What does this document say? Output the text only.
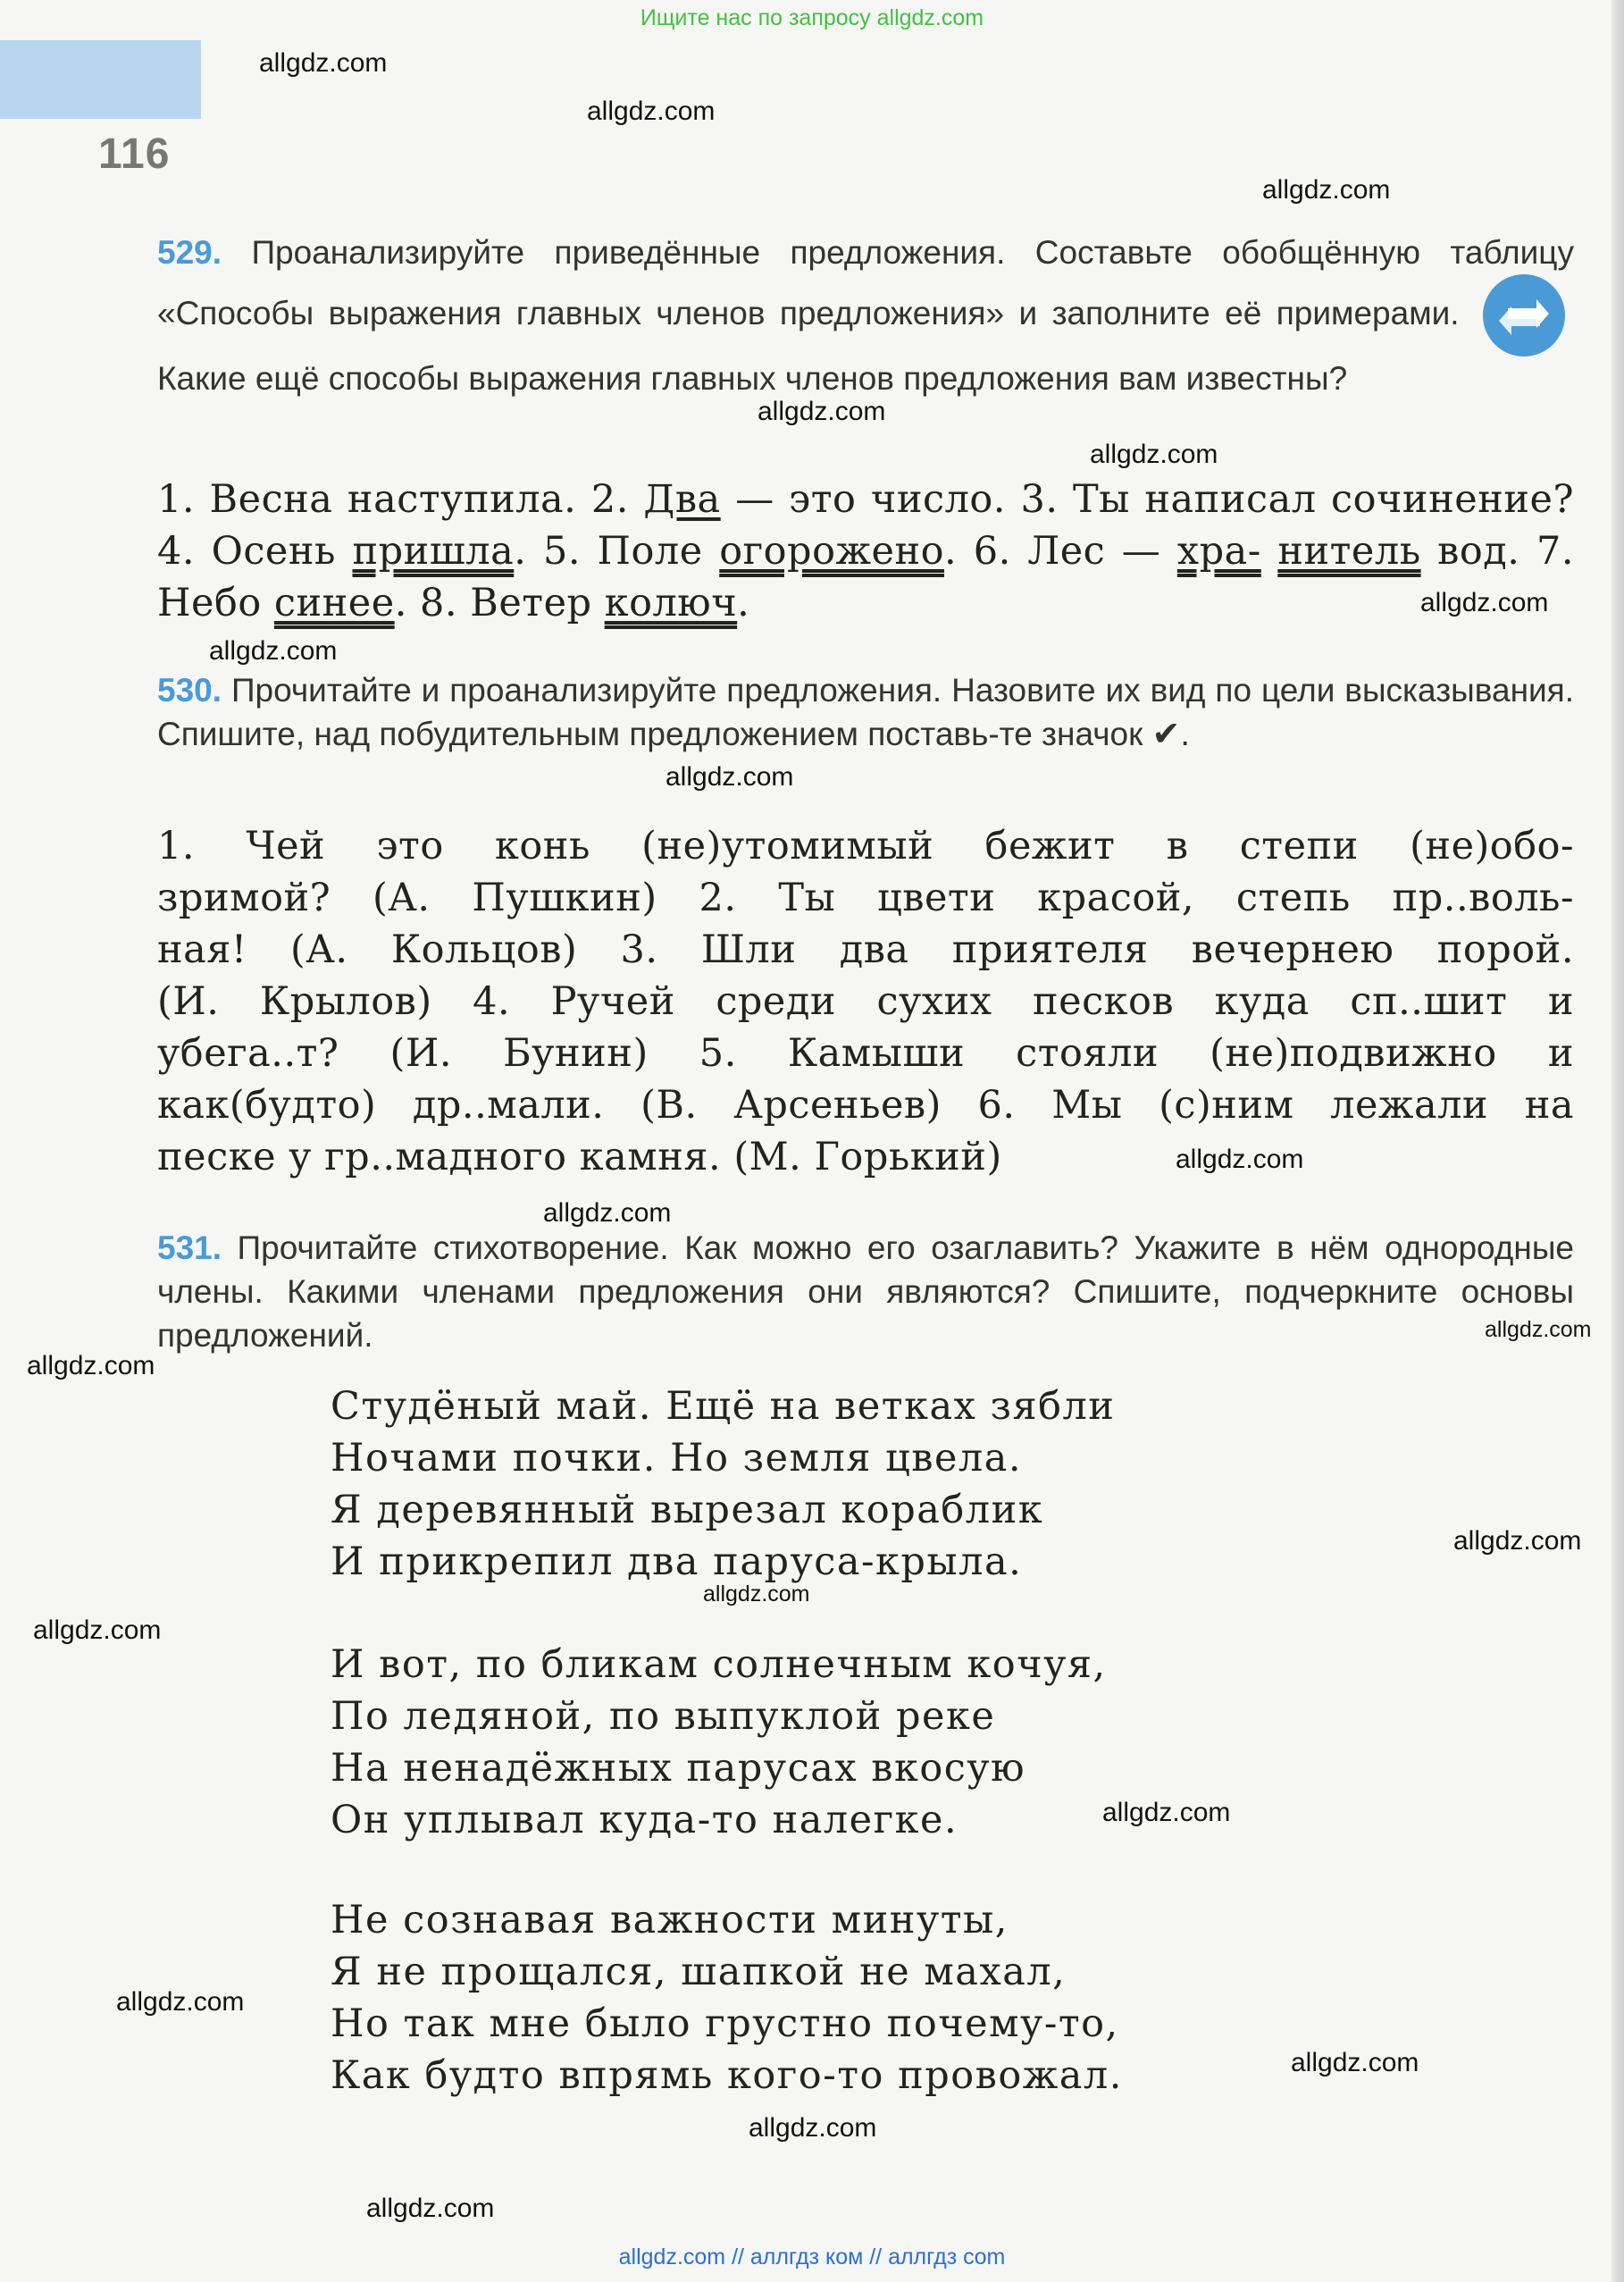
Ищите нас по запросу allgdz.com
116
allgdz.com
allgdz.com
allgdz.com
allgdz.com
allgdz.com
allgdz.com
allgdz.com
allgdz.com
allgdz.com
allgdz.com
allgdz.com
allgdz.com
allgdz.com
allgdz.com
allgdz.com
allgdz.com
allgdz.com
allgdz.com
allgdz.com
allgdz.com
529. Проанализируйте приведённые предложения. Составьте обобщённую таблицу «Способы выражения главных членов предложения» и заполните её примерами.  Какие ещё способы выражения главных членов предложения вам известны?
1. Весна наступила. 2. Два — это число. 3. Ты написал сочинение? 4. Осень пришла. 5. Поле огорожено. 6. Лес — хра- нитель вод. 7. Небо синее. 8. Ветер колюч.
530. Прочитайте и проанализируйте предложения. Назовите их вид по цели высказывания. Спишите, над побудительным предложением поставь-те значок ✔.
1. Чей это конь (не)утомимый бежит в степи (не)обо-
зримой? (А. Пушкин) 2. Ты цвети красой, степь пр..воль-
ная! (А. Кольцов) 3. Шли два приятеля вечернею порой.
(И. Крылов) 4. Ручей среди сухих песков куда сп..шит и
убега..т? (И. Бунин) 5. Камыши стояли (не)подвижно и
как(будто) др..мали. (В. Арсеньев) 6. Мы (с)ним лежали на
песке у гр..мадного камня. (М. Горький)
531. Прочитайте стихотворение. Как можно его озаглавить? Укажите в нём однородные члены. Какими членами предложения они являются? Спишите, подчеркните основы предложений.
Студёный май. Ещё на ветках зябли
Ночами почки. Но земля цвела.
Я деревянный вырезал кораблик
И прикрепил два паруса-крыла.
И вот, по бликам солнечным кочуя,
По ледяной, по выпуклой реке
На ненадёжных парусах вкосую
Он уплывал куда-то налегке.
Не сознавая важности минуты,
Я не прощался, шапкой не махал,
Но так мне было грустно почему-то,
Как будто впрямь кого-то провожал.
allgdz.com // аллгдз ком // аллгдз com
